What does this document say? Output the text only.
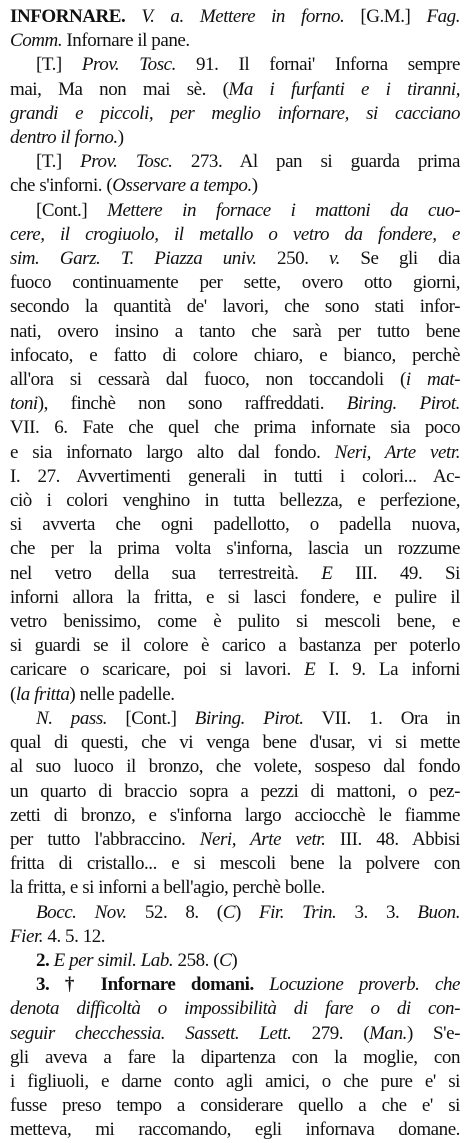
INFORNARE. V. a. Mettere in forno. [G.M.] Fag.
Comm. Infornare il pane.
[T.] Prov. Tosc. 91. Il fornai' Inforna sempre
mai, Ma non mai sè. (Ma i furfanti e i tiranni,
grandi e piccoli, per meglio infornare, si cacciano
dentro il forno.)
[T.] Prov. Tosc. 273. Al pan si guarda prima
che s'inforni. (Osservare a tempo.)
[Cont.] Mettere in fornace i mattoni da cuo-
cere, il crogiuolo, il metallo o vetro da fondere, e
sim. Garz. T. Piazza univ. 250. v. Se gli dia
fuoco continuamente per sette, overo otto giorni,
secondo la quantità de' lavori, che sono stati infor-
nati, overo insino a tanto che sarà per tutto bene
infocato, e fatto di colore chiaro, e bianco, perchè
all'ora si cessarà dal fuoco, non toccandoli (i mat-
toni), finchè non sono raffreddati. Biring. Pirot.
VII. 6. Fate che quel che prima infornate sia poco
e sia infornato largo alto dal fondo. Neri, Arte vetr.
I. 27. Avvertimenti generali in tutti i colori... Ac-
ciò i colori venghino in tutta bellezza, e perfezione,
si avverta che ogni padellotto, o padella nuova,
che per la prima volta s'inforna, lascia un rozzume
nel vetro della sua terrestreità. E III. 49. Si
inforni allora la fritta, e si lasci fondere, e pulire il
vetro benissimo, come è pulito si mescoli bene, e
si guardi se il colore è carico a bastanza per poterlo
caricare o scaricare, poi si lavori. E I. 9. La inforni
(la fritta) nelle padelle.
N. pass. [Cont.] Biring. Pirot. VII. 1. Ora in
qual di questi, che vi venga bene d'usar, vi si mette
al suo luoco il bronzo, che volete, sospeso dal fondo
un quarto di braccio sopra a pezzi di mattoni, o pez-
zetti di bronzo, e s'inforna largo acciocchè le fiamme
per tutto l'abbraccino. Neri, Arte vetr. III. 48. Abbisi
fritta di cristallo... e si mescoli bene la polvere con
la fritta, e si inforni a bell'agio, perchè bolle.
Bocc. Nov. 52. 8. (C) Fir. Trin. 3. 3. Buon.
Fier. 4. 5. 12.
2. E per simil. Lab. 258. (C)
3. † Infornare domani. Locuzione proverb. che
denota difficoltà o impossibilità di fare o di con-
seguir checchessia. Sassett. Lett. 279. (Man.) S'e-
gli aveva a fare la dipartenza con la moglie, con
i figliuoli, e darne conto agli amici, o che pure e' si
fusse preso tempo a considerare quello a che e' si
metteva, mi raccomando, egli infornava domane.
